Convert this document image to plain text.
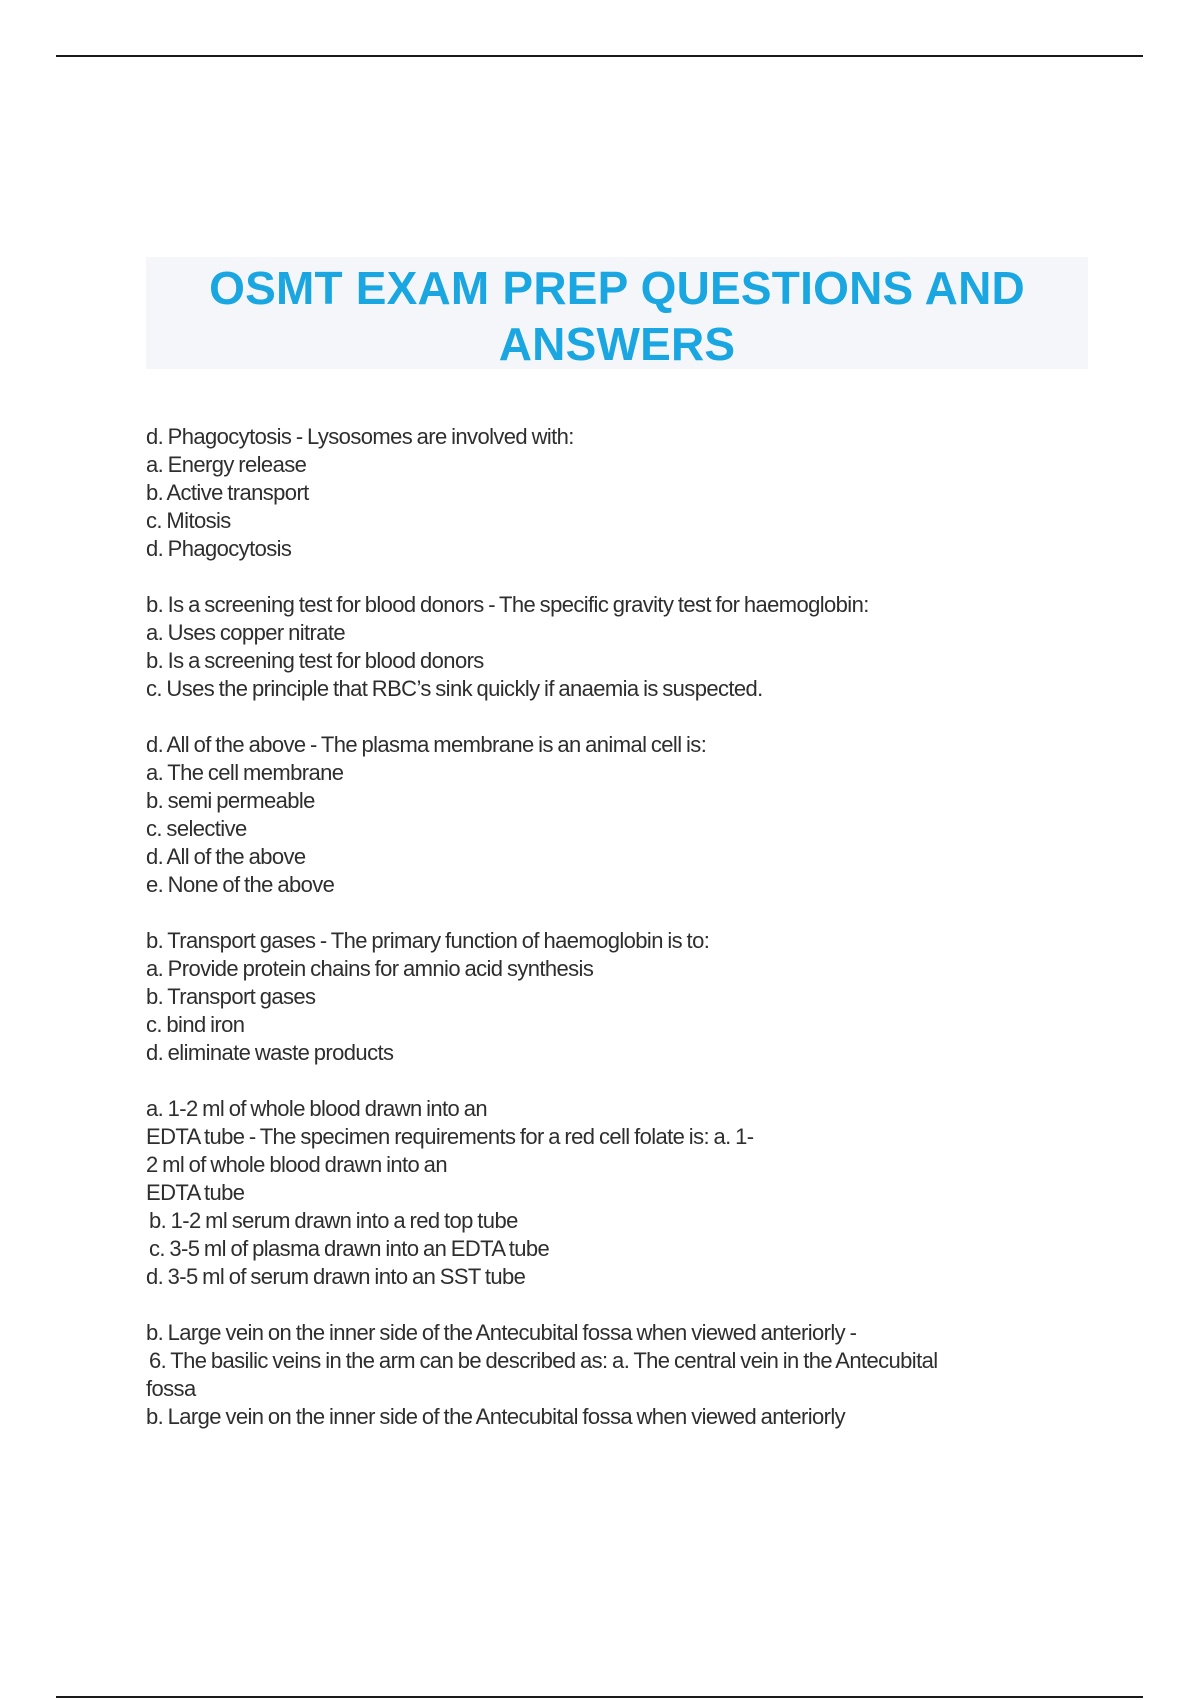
OSMT EXAM PREP QUESTIONS AND
ANSWERS
d. Phagocytosis - Lysosomes are involved with:
a. Energy release
b. Active transport
c. Mitosis
d. Phagocytosis
b. Is a screening test for blood donors - The specific gravity test for haemoglobin:
a. Uses copper nitrate
b. Is a screening test for blood donors
c. Uses the principle that RBC’s sink quickly if anaemia is suspected.
d. All of the above - The plasma membrane is an animal cell is:
a. The cell membrane
b. semi permeable
c. selective
d. All of the above
e. None of the above
b. Transport gases - The primary function of haemoglobin is to:
a. Provide protein chains for amnio acid synthesis
b. Transport gases
c. bind iron
d. eliminate waste products
a. 1-2 ml of whole blood drawn into an
EDTA tube - The specimen requirements for a red cell folate is: a. 1-
2 ml of whole blood drawn into an
EDTA tube
b. 1-2 ml serum drawn into a red top tube
c. 3-5 ml of plasma drawn into an EDTA tube
d. 3-5 ml of serum drawn into an SST tube
b. Large vein on the inner side of the Antecubital fossa when viewed anteriorly -
6. The basilic veins in the arm can be described as: a. The central vein in the Antecubital
fossa
b. Large vein on the inner side of the Antecubital fossa when viewed anteriorly
